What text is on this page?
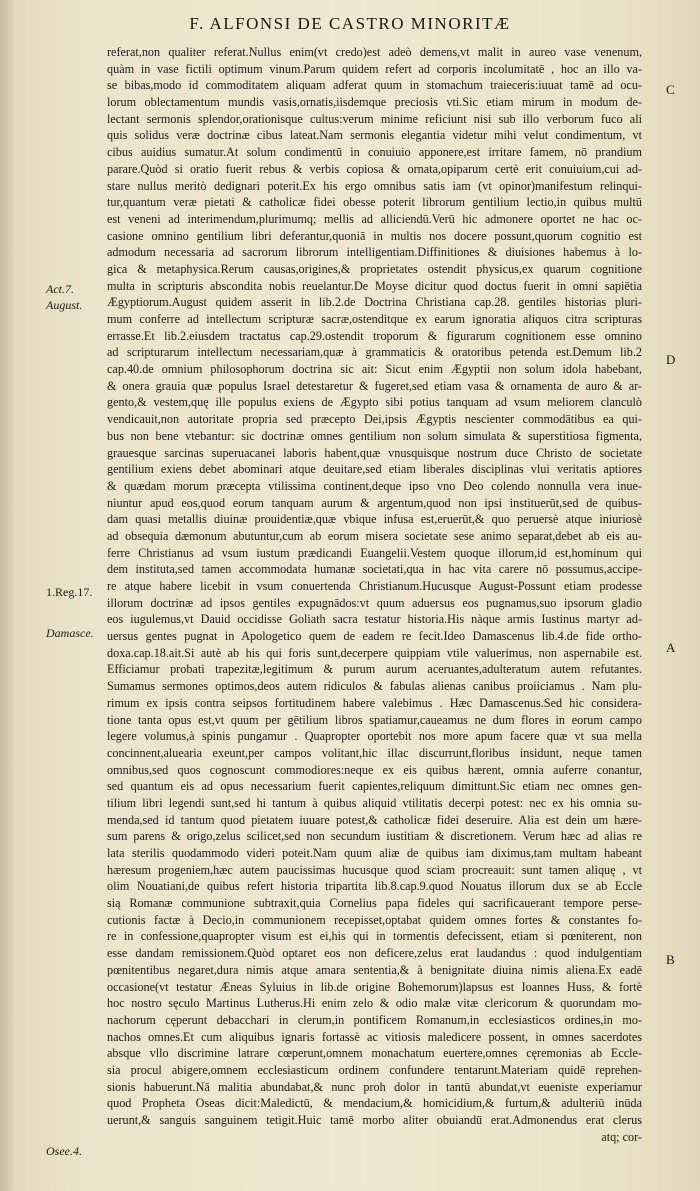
F. ALFONSI DE CASTRO MINORITÆ
referat,non qualiter referat.Nullus enim(vt credo)est adeò demens,vt malit in aureo vase venenum,
quàm in vase fictili optimum vinum.Parum quidem refert ad corporis incolumitatē , hoc an illo va-
se bibas,modo id commoditatem aliquam adferat quum in stomachum traieceris:iuuat tamē ad ocu-
lorum oblectamentum mundis vasis,ornatis,iisdemque preciosis vti.Sic etiam mirum in modum de-
lectant sermonis splendor,orationisque cultus:verum minime reficiunt nisi sub illo verborum fuco ali
quis solidus veræ doctrinæ cibus lateat.Nam sermonis elegantia videtur mihi velut condimentum, vt
cibus auidius sumatur.At solum condimentū in conuiuio apponere,est irritare famem, nō prandium
parare.Quòd si oratio fuerit rebus & verbis copiosa & ornata,opiparum certè erit conuiuium,cui ad-
stare nullus meritò dedignari poterit.Ex his ergo omnibus satis iam (vt opinor)manifestum relinqui-
tur,quantum veræ pietati & catholicæ fidei obesse poterit librorum gentilium lectio,in quibus multū
est veneni ad interimendum,plurimumq; mellis ad alliciendū.Verū hic admonere oportet ne hac oc-
casione omnino gentilium libri deferantur,quoniā in multis nos docere possunt,quorum cognitio est
admodum necessaria ad sacrorum librorum intelligentiam.Diffinitiones & diuisiones habemus à lo-
gica & metaphysica.Rerum causas,origines,& proprietates ostendit physicus,ex quarum cognitione
multa in scripturis abscondita nobis reuelantur.De Moyse dicitur quod doctus fuerit in omni sapiētia
Ægyptiorum.August quidem asserit in lib.2.de Doctrina Christiana cap.28. gentiles historias pluri-
mum conferre ad intellectum scripturæ sacræ,ostenditque ex earum ignoratia aliquos citra scripturas
errasse.Et lib.2.eiusdem tractatus cap.29.ostendit troporum & figurarum cognitionem esse omnino
ad scripturarum intellectum necessariam,quæ à grammaticis & oratoribus petenda est.Demum lib.2
cap.40.de omnium philosophorum doctrina sic ait: Sicut enim Ægyptii non solum idola habebant,
& onera grauia quæ populus Israel detestaretur & fugeret,sed etiam vasa & ornamenta de auro & ar-
gento,& vestem,quę ille populus exiens de Ægypto sibi potius tanquam ad vsum meliorem clanculò
vendicauit,non autoritate propria sed præcepto Dei,ipsis Ægyptis nescienter commodātibus ea qui-
bus non bene vtebantur: sic doctrinæ omnes gentilium non solum simulata & superstitiosa figmenta,
grauesque sarcinas superuacanei laboris habent,quæ vnusquisque nostrum duce Christo de societate
gentilium exiens debet abominari atque deuitare,sed etiam liberales disciplinas vlui veritatis aptiores
& quædam morum præcepta vtilissima continent,deque ipso vno Deo colendo nonnulla vera inue-
niuntur apud eos,quod eorum tanquam aurum & argentum,quod non ipsi instituerūt,sed de quibus-
dam quasi metallis diuinæ prouidentiæ,quæ vbique infusa est,eruerūt,& quo peruersè atque iniuriosè
ad obsequia dæmonum abutuntur,cum ab eorum misera societate sese animo separat,debet ab eis au-
ferre Christianus ad vsum iustum prædicandi Euangelii.Vestem quoque illorum,id est,hominum qui
dem instituta,sed tamen accommodata humanæ societati,qua in hac vita carere nō possumus,accipe-
re atque habere licebit in vsum conuertenda Christianum.Hucusque August-Possunt etiam prodesse
illorum doctrinæ ad ipsos gentiles expugnādos:vt quum aduersus eos pugnamus,suo ipsorum gladio
eos iugulemus,vt Dauid occidisse Goliath sacra testatur historia.His nàque armis Iustinus martyr ad-
uersus gentes pugnat in Apologetico quem de eadem re fecit.Ideo Damascenus lib.4.de fide ortho-
doxa.cap.18.ait.Si autè ab his qui foris sunt,decerpere quippiam vtile valuerimus, non aspernabile est.
Efficiamur probati trapezitæ,legitimum & purum aurum aceruantes,adulteratum autem refutantes.
Sumamus sermones optimos,deos autem ridiculos & fabulas alienas canibus proiiciamus . Nam plu-
rimum ex ipsis contra seipsos fortitudinem habere valebimus . Hæc Damascenus.Sed hic considera-
tione tanta opus est,vt quum per gētilium libros spatiamur,caueamus ne dum flores in eorum campo
legere volumus,à spinis pungamur . Quapropter oportebit nos more apum facere quæ vt sua mella
concinnent,aluearia exeunt,per campos volitant,hic illac discurrunt,floribus insidunt, neque tamen
omnibus,sed quos cognoscunt commodiores:neque ex eis quibus hærent, omnia auferre conantur,
sed quantum eis ad opus necessarium fuerit capientes,reliquum dimittunt.Sic etiam nec omnes gen-
tilium libri legendi sunt,sed hi tantum à quibus aliquid vtilitatis decerpi potest: nec ex his omnia su-
menda,sed id tantum quod pietatem iuuare potest,& catholicæ fidei deseruire. Alia est dein um hære-
sum parens & origo,zelus scilicet,sed non secundum iustitiam & discretionem. Verum hæc ad alias re
lata sterilis quodammodo videri poteit.Nam quum aliæ de quibus iam diximus,tam multam habeant
hæresum progeniem,hæc autem paucissimas hucusque quod sciam procreauit: sunt tamen aliquę , vt
olim Nouatiani,de quibus refert historia tripartita lib.8.cap.9.quod Nouatus illorum dux se ab Eccle
sią Romanæ communione subtraxit,quia Cornelius papa fideles qui sacrificauerant tempore perse-
cutionis factæ à Decio,in communionem recepisset,optabat quidem omnes fortes & constantes fo-
re in confessione,quapropter visum est ei,his qui in tormentis defecissent, etiam si pœniterent, non
esse dandam remissionem.Quòd optaret eos non deficere,zelus erat laudandus : quod indulgentiam
pœnitentibus negaret,dura nimis atque amara sententia,& à benignitate diuina nimis aliena.Ex eadē
occasione(vt testatur Æneas Syluius in lib.de origine Bohemorum)lapsus est Ioannes Huss, & fortè
hoc nostro sęculo Martinus Lutherus.Hi enim zelo & odio malæ vitæ clericorum & quorundam mo-
nachorum cęperunt debacchari in clerum,in pontificem Romanum,in ecclesiasticos ordines,in mo-
nachos omnes.Et cum aliquibus ignaris fortassè ac vitiosis maledicere possent, in omnes sacerdotes
absque vllo discrimine latrare cœperunt,omnem monachatum euertere,omnes cęremonias ab Eccle-
sia procul abigere,omnem ecclesiasticum ordinem confundere tentarunt.Materiam quidē reprehen-
sionis habuerunt.Nā malitia abundabat,& nunc proh dolor in tantū abundat,vt eueniste experiamur
quod Propheta Oseas dicit:Maledictū, & mendacium,& homicidium,& furtum,& adulteriū inūda
uerunt,& sanguis sanguinem tetigit.Huic tamē morbo aliter obuiandū erat.Admonendus erat clerus
atq; cor-
Act.7.
August.
1.Reg.17.
Damasce.
Osee.4.
C
D
A
B
